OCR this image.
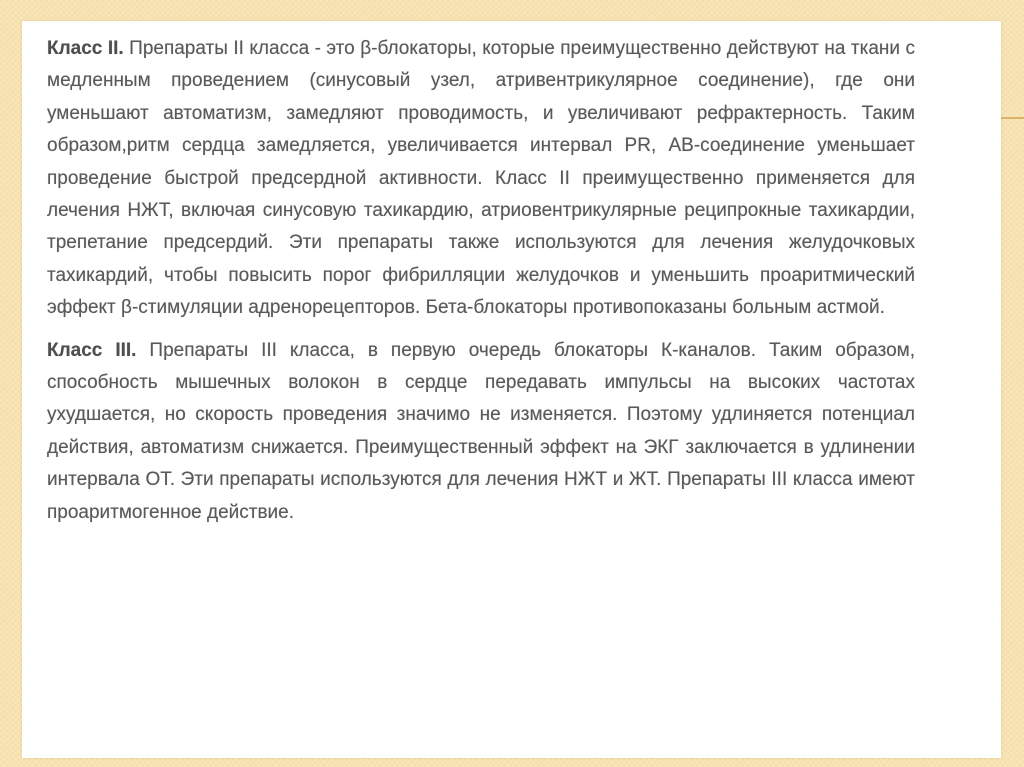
Класс II. Препараты II класса - это β-блокаторы, которые преимущественно действуют на ткани с медленным проведением (синусовый узел, атривентрикулярное соединение), где они уменьшают автоматизм, замедляют проводимость, и увеличивают рефрактерность. Таким образом,ритм сердца замедляется, увеличивается интервал PR, АВ-соединение уменьшает проведение быстрой предсердной активности. Класс II преимущественно применяется для лечения НЖТ, включая синусовую тахикардию, атриовентрикулярные реципрокные тахикардии, трепетание предсердий. Эти препараты также используются для лечения желудочковых тахикардий, чтобы повысить порог фибрилляции желудочков и уменьшить проаритмический эффект β-стимуляции адренорецепторов. Бета-блокаторы противопоказаны больным астмой.

Класс III. Препараты III класса, в первую очередь блокаторы К-каналов. Таким образом, способность мышечных волокон в сердце передавать импульсы на высоких частотах ухудшается, но скорость проведения значимо не изменяется. Поэтому удлиняется потенциал действия, автоматизм снижается. Преимущественный эффект на ЭКГ заключается в удлинении интервала ОТ. Эти препараты используются для лечения НЖТ и ЖТ. Препараты III класса имеют проаритмогенное действие.
